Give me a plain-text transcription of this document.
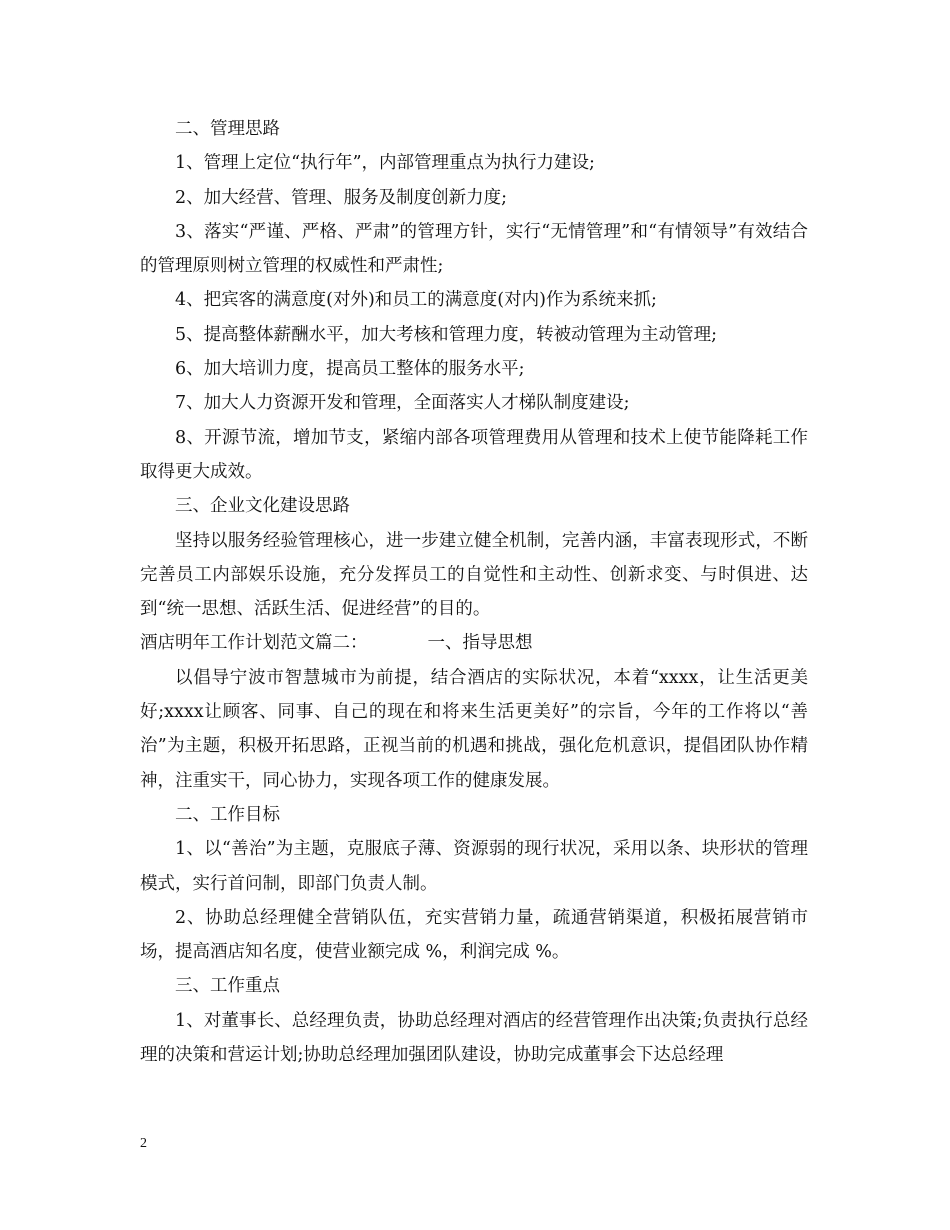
二、管理思路

1、管理上定位“执行年”，内部管理重点为执行力建设;

2、加大经营、管理、服务及制度创新力度;

3、落实“严谨、严格、严肃”的管理方针，实行“无情管理”和“有情领导”有效结合的管理原则树立管理的权威性和严肃性;

4、把宾客的满意度(对外)和员工的满意度(对内)作为系统来抓;

5、提高整体薪酬水平，加大考核和管理力度，转被动管理为主动管理;

6、加大培训力度，提高员工整体的服务水平;

7、加大人力资源开发和管理，全面落实人才梯队制度建设;

8、开源节流，增加节支，紧缩内部各项管理费用从管理和技术上使节能降耗工作取得更大成效。

三、企业文化建设思路

坚持以服务经验管理核心，进一步建立健全机制，完善内涵，丰富表现形式，不断完善员工内部娱乐设施，充分发挥员工的自觉性和主动性、创新求变、与时俱进、达到“统一思想、活跃生活、促进经营”的目的。

酒店明年工作计划范文篇二：	一、指导思想

以倡导宁波市智慧城市为前提，结合酒店的实际状况，本着“xxxx，让生活更美好;xxxx让顾客、同事、自己的现在和将来生活更美好”的宗旨，今年的工作将以“善治”为主题，积极开拓思路，正视当前的机遇和挑战，强化危机意识，提倡团队协作精神，注重实干，同心协力，实现各项工作的健康发展。

二、工作目标

1、以“善治”为主题，克服底子薄、资源弱的现行状况，采用以条、块形状的管理模式，实行首问制，即部门负责人制。

2、协助总经理健全营销队伍，充实营销力量，疏通营销渠道，积极拓展营销市场，提高酒店知名度，使营业额完成 %，利润完成 %。

三、工作重点

1、对董事长、总经理负责，协助总经理对酒店的经营管理作出决策;负责执行总经理的决策和营运计划;协助总经理加强团队建设，协助完成董事会下达总经理

2
